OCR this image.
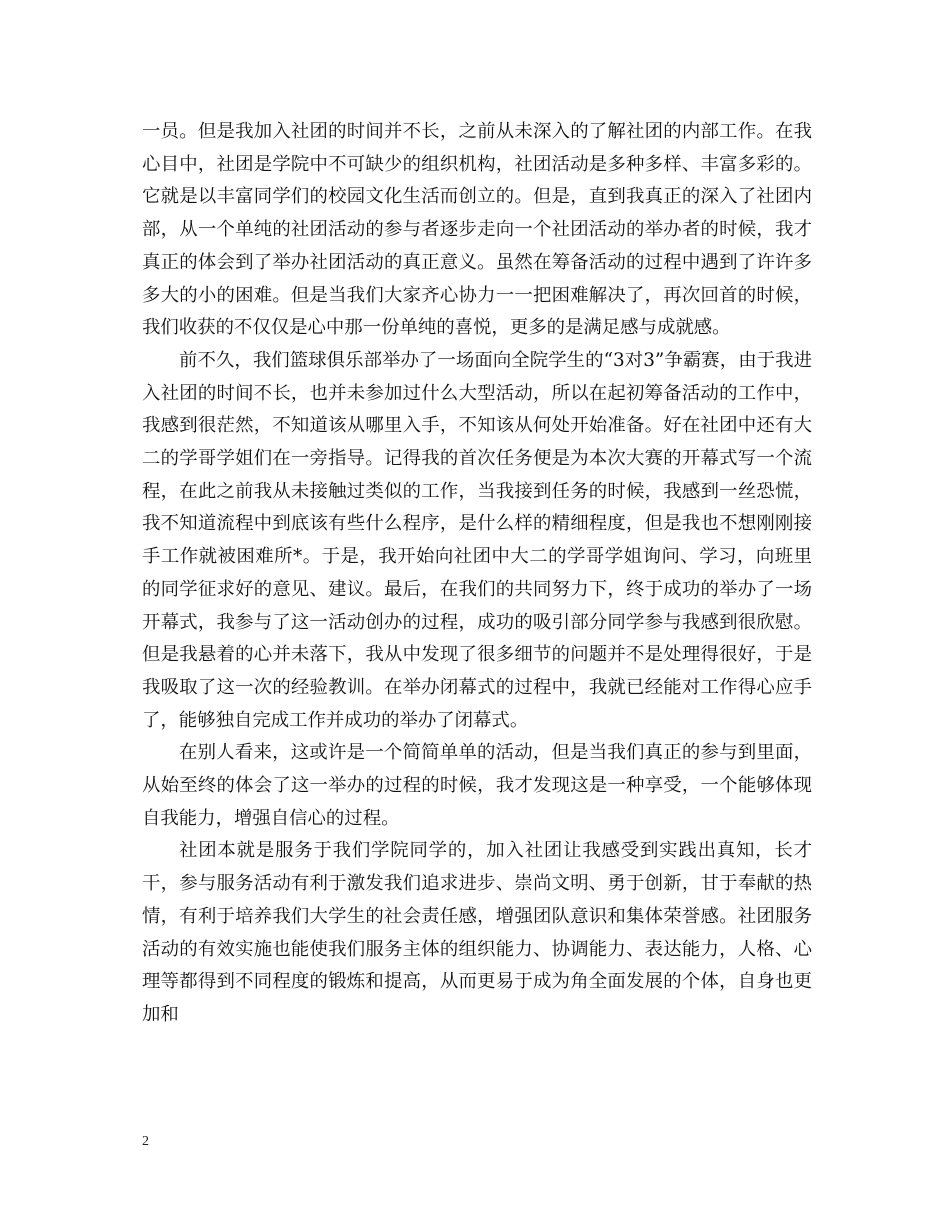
一员。但是我加入社团的时间并不长，之前从未深入的了解社团的内部工作。在我心目中，社团是学院中不可缺少的组织机构，社团活动是多种多样、丰富多彩的。它就是以丰富同学们的校园文化生活而创立的。但是，直到我真正的深入了社团内部，从一个单纯的社团活动的参与者逐步走向一个社团活动的举办者的时候，我才真正的体会到了举办社团活动的真正意义。虽然在筹备活动的过程中遇到了许许多多大的小的困难。但是当我们大家齐心协力一一把困难解决了，再次回首的时候，我们收获的不仅仅是心中那一份单纯的喜悦，更多的是满足感与成就感。

前不久，我们篮球俱乐部举办了一场面向全院学生的“3对3”争霸赛，由于我进入社团的时间不长，也并未参加过什么大型活动，所以在起初筹备活动的工作中，我感到很茫然，不知道该从哪里入手，不知该从何处开始准备。好在社团中还有大二的学哥学姐们在一旁指导。记得我的首次任务便是为本次大赛的开幕式写一个流程，在此之前我从未接触过类似的工作，当我接到任务的时候，我感到一丝恐慌，我不知道流程中到底该有些什么程序，是什么样的精细程度，但是我也不想刚刚接手工作就被困难所*。于是，我开始向社团中大二的学哥学姐询问、学习，向班里的同学征求好的意见、建议。最后，在我们的共同努力下，终于成功的举办了一场开幕式，我参与了这一活动创办的过程，成功的吸引部分同学参与我感到很欣慰。但是我悬着的心并未落下，我从中发现了很多细节的问题并不是处理得很好，于是我吸取了这一次的经验教训。在举办闭幕式的过程中，我就已经能对工作得心应手了，能够独自完成工作并成功的举办了闭幕式。

在别人看来，这或许是一个简简单单的活动，但是当我们真正的参与到里面，从始至终的体会了这一举办的过程的时候，我才发现这是一种享受，一个能够体现自我能力，增强自信心的过程。

社团本就是服务于我们学院同学的，加入社团让我感受到实践出真知，长才干，参与服务活动有利于激发我们追求进步、崇尚文明、勇于创新，甘于奉献的热情，有利于培养我们大学生的社会责任感，增强团队意识和集体荣誉感。社团服务活动的有效实施也能使我们服务主体的组织能力、协调能力、表达能力，人格、心理等都得到不同程度的锻炼和提高，从而更易于成为角全面发展的个体，自身也更加和

2
